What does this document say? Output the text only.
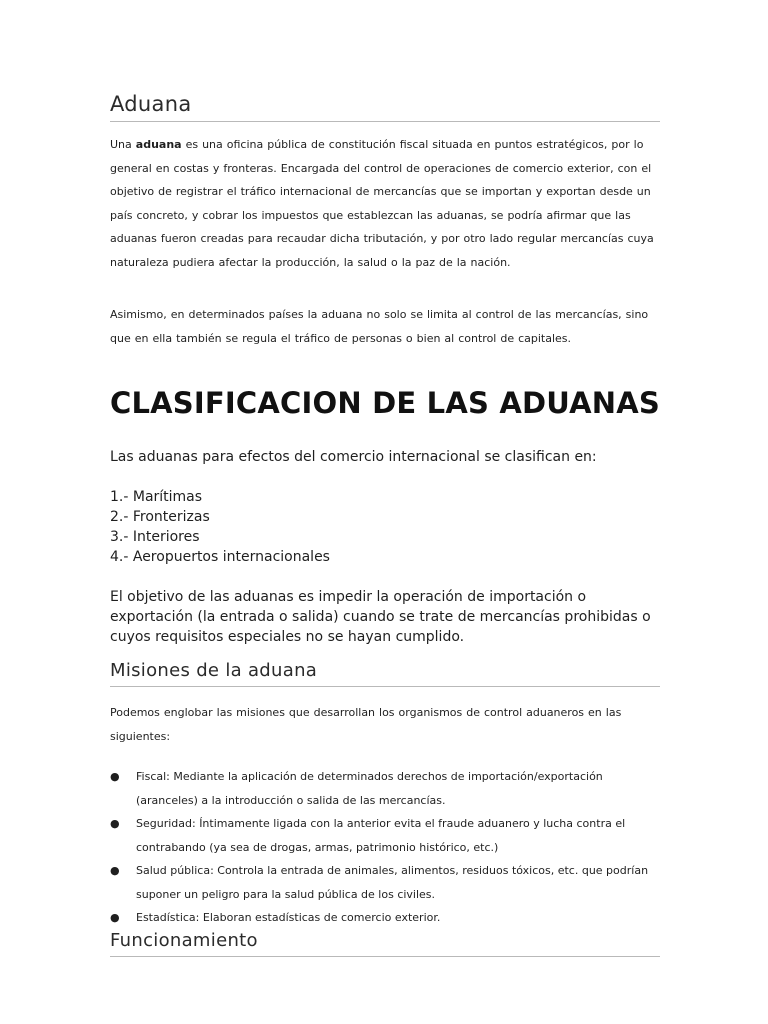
Aduana
Una aduana es una oficina pública de constitución fiscal situada en puntos estratégicos, por lo general en costas y fronteras. Encargada del control de operaciones de comercio exterior, con el objetivo de registrar el tráfico internacional de mercancías que se importan y exportan desde un país concreto, y cobrar los impuestos que establezcan las aduanas, se podría afirmar que las aduanas fueron creadas para recaudar dicha tributación, y por otro lado regular mercancías cuya naturaleza pudiera afectar la producción, la salud o la paz de la nación.
Asimismo, en determinados países la aduana no solo se limita al control de las mercancías, sino que en ella también se regula el tráfico de personas o bien al control de capitales.
CLASIFICACION DE LAS ADUANAS
Las aduanas para efectos del comercio internacional se clasifican en:
1.- Marítimas
2.- Fronterizas
3.- Interiores
4.- Aeropuertos internacionales
El objetivo de las aduanas es impedir la operación de importación o exportación (la entrada o salida) cuando se trate de mercancías prohibidas o cuyos requisitos especiales no se hayan cumplido.
Misiones de la aduana
Podemos englobar las misiones que desarrollan los organismos de control aduaneros en las siguientes:
● Fiscal: Mediante la aplicación de determinados derechos de importación/exportación (aranceles) a la introducción o salida de las mercancías.
● Seguridad: Íntimamente ligada con la anterior evita el fraude aduanero y lucha contra el contrabando (ya sea de drogas, armas, patrimonio histórico, etc.)
● Salud pública: Controla la entrada de animales, alimentos, residuos tóxicos, etc. que podrían suponer un peligro para la salud pública de los civiles.
● Estadística: Elaboran estadísticas de comercio exterior.
Funcionamiento
